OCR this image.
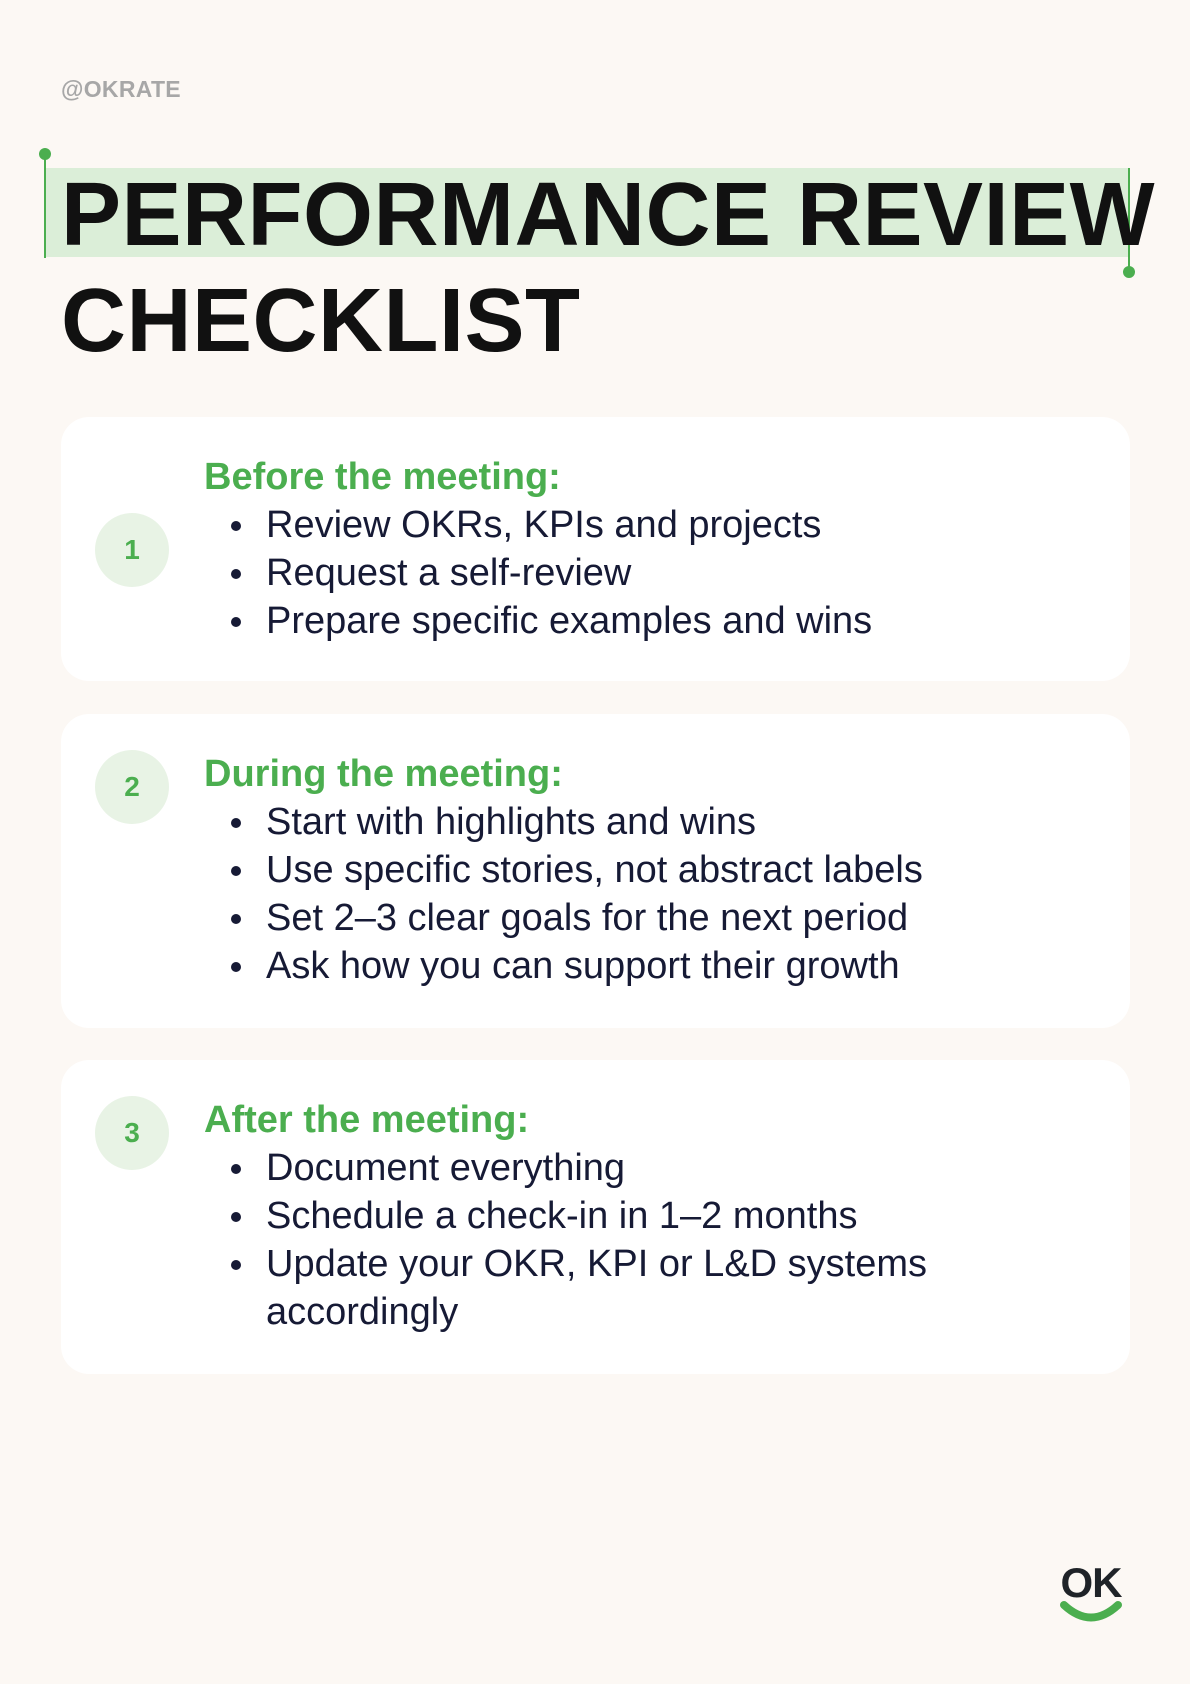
@OKRATE
PERFORMANCE REVIEW
CHECKLIST
1
Before the meeting:
Review OKRs, KPIs and projects
Request a self-review
Prepare specific examples and wins
2	During the meeting:
Start with highlights and wins
Use specific stories, not abstract labels
Set 2–3 clear goals for the next period
Ask how you can support their growth
3	After the meeting:
Document everything
Schedule a check-in in 1–2 months
Update your OKR, KPI or L&D systems accordingly
OK
